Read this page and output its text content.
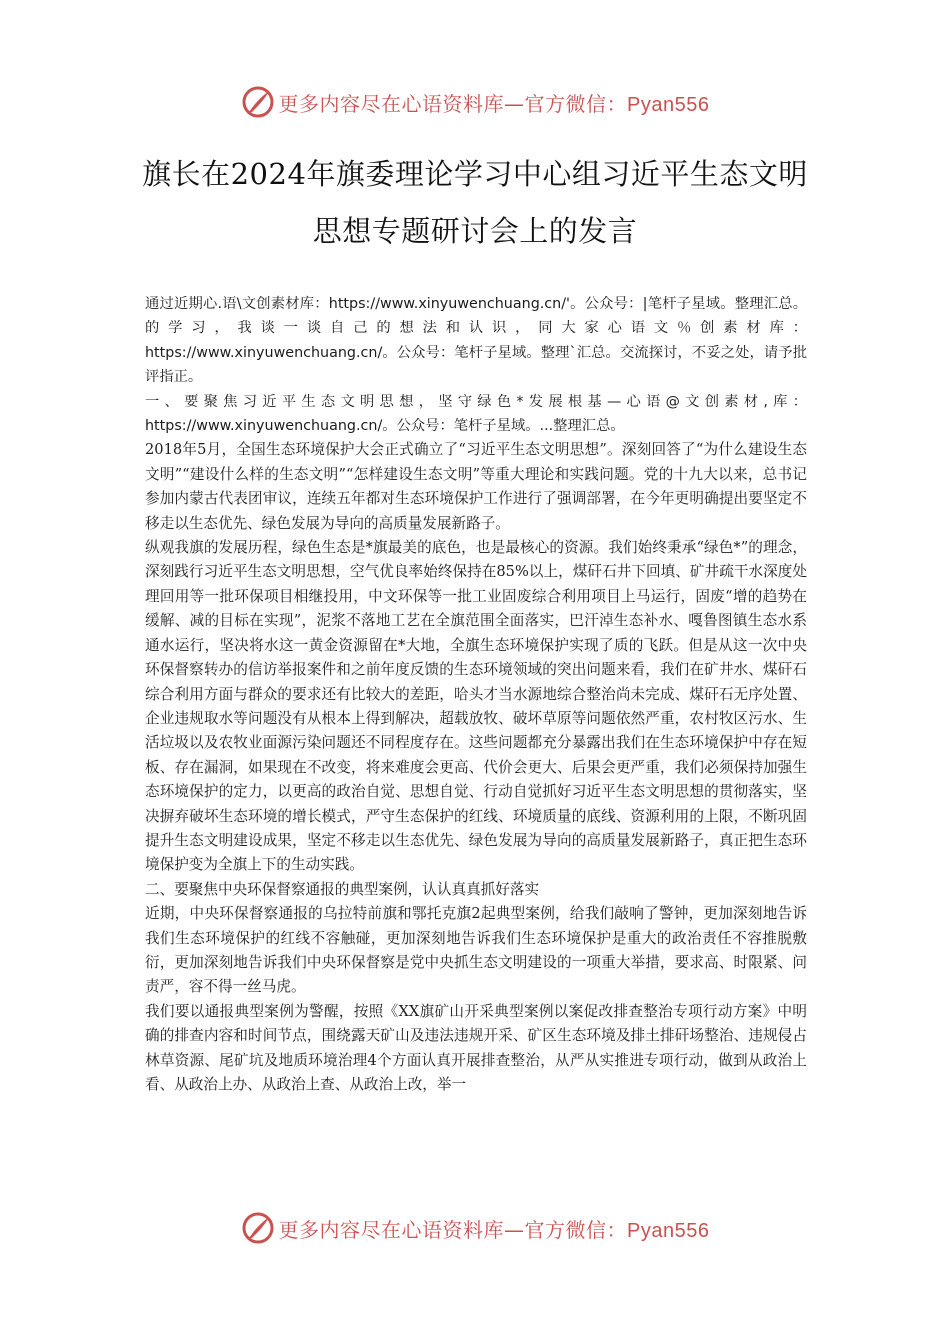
更多内容尽在心语资料库—官方微信：Pyan556
旗长在2024年旗委理论学习中心组习近平生态文明思想专题研讨会上的发言

通过近期心.语\文创素材库：https://www.xinyuwenchuang.cn/'。公众号：|笔杆子星域。整理汇总。的学习，我谈一谈自己的想法和认识，同大家心语文％创素材库：https://www.xinyuwenchuang.cn/。公众号：笔杆子星域。整理`汇总。交流探讨，不妥之处，请予批评指正。

一、要聚焦习近平生态文明思想，坚守绿色*发展根基—心语@文创素材,库：https://www.xinyuwenchuang.cn/。公众号：笔杆子星域。...整理汇总。

2018年5月，全国生态环境保护大会正式确立了“习近平生态文明思想”。深刻回答了“为什么建设生态文明”“建设什么样的生态文明”“怎样建设生态文明”等重大理论和实践问题。党的十九大以来，总书记参加内蒙古代表团审议，连续五年都对生态环境保护工作进行了强调部署，在今年更明确提出要坚定不移走以生态优先、绿色发展为导向的高质量发展新路子。

纵观我旗的发展历程，绿色生态是*旗最美的底色，也是最核心的资源。我们始终秉承“绿色*”的理念，深刻践行习近平生态文明思想，空气优良率始终保持在85%以上，煤矸石井下回填、矿井疏干水深度处理回用等一批环保项目相继投用，中文环保等一批工业固废综合利用项目上马运行，固废“增的趋势在缓解、减的目标在实现”，泥浆不落地工艺在全旗范围全面落实，巴汗淖生态补水、嘎鲁图镇生态水系通水运行，坚决将水这一黄金资源留在*大地，全旗生态环境保护实现了质的飞跃。但是从这一次中央环保督察转办的信访举报案件和之前年度反馈的生态环境领域的突出问题来看，我们在矿井水、煤矸石综合利用方面与群众的要求还有比较大的差距，哈头才当水源地综合整治尚未完成、煤矸石无序处置、企业违规取水等问题没有从根本上得到解决，超载放牧、破坏草原等问题依然严重，农村牧区污水、生活垃圾以及农牧业面源污染问题还不同程度存在。这些问题都充分暴露出我们在生态环境保护中存在短板、存在漏洞，如果现在不改变，将来难度会更高、代价会更大、后果会更严重，我们必须保持加强生态环境保护的定力，以更高的政治自觉、思想自觉、行动自觉抓好习近平生态文明思想的贯彻落实，坚决摒弃破坏生态环境的增长模式，严守生态保护的红线、环境质量的底线、资源利用的上限，不断巩固提升生态文明建设成果，坚定不移走以生态优先、绿色发展为导向的高质量发展新路子，真正把生态环境保护变为全旗上下的生动实践。

二、要聚焦中央环保督察通报的典型案例，认认真真抓好落实

近期，中央环保督察通报的乌拉特前旗和鄂托克旗2起典型案例，给我们敲响了警钟，更加深刻地告诉我们生态环境保护的红线不容触碰，更加深刻地告诉我们生态环境保护是重大的政治责任不容推脱敷衍，更加深刻地告诉我们中央环保督察是党中央抓生态文明建设的一项重大举措，要求高、时限紧、问责严，容不得一丝马虎。

我们要以通报典型案例为警醒，按照《XX旗矿山开采典型案例以案促改排查整治专项行动方案》中明确的排查内容和时间节点，围绕露天矿山及违法违规开采、矿区生态环境及排土排矸场整治、违规侵占林草资源、尾矿坑及地质环境治理4个方面认真开展排查整治，从严从实推进专项行动，做到从政治上看、从政治上办、从政治上查、从政治上改，举一

更多内容尽在心语资料库—官方微信：Pyan556
